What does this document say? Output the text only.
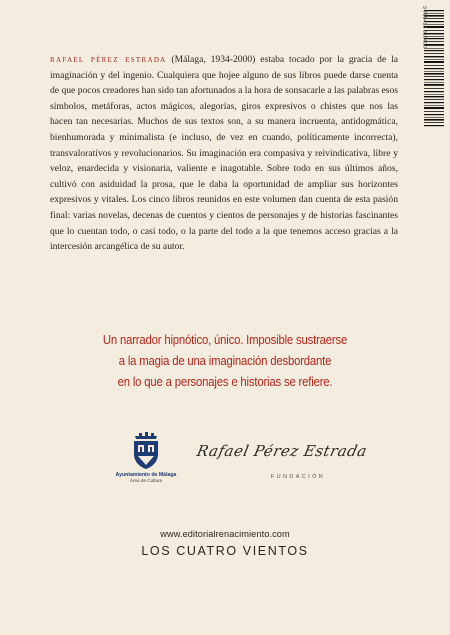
9 788418 818400

rafael pérez estrada (Málaga, 1934-2000) estaba tocado por la gracia de la imaginación y del ingenio. Cualquiera que hojee alguno de sus libros puede darse cuenta de que pocos creadores han sido tan afortunados a la hora de sonsacarle a las palabras esos símbolos, metáforas, actos mágicos, alegorías, giros expresivos o chistes que nos las hacen tan necesarias. Muchos de sus textos son, a su manera incruenta, antidogmática, bienhumorada y minimalista (e incluso, de vez en cuando, políticamente incorrecta), transvaloratívos y revolucionarios. Su imaginación era compasiva y reivindicativa, libre y veloz, enardecida y visionaria, valiente e inagotable. Sobre todo en sus últimos años, cultivó con asiduidad la prosa, que le daba la oportunidad de ampliar sus horizontes expresivos y vitales. Los cinco libros reunidos en este volumen dan cuenta de esta pasión final: varias novelas, decenas de cuentos y cientos de personajes y de historias fascinantes que lo cuentan todo, o casi todo, o la parte del todo a la que tenemos acceso gracias a la intercesión arcangélica de su autor.

Un narrador hipnótico, único. Imposible sustraerse
a la magia de una imaginación desbordante
en lo que a personajes e historias se refiere.
Ayuntamiento de Málaga
Área de Cultura
Rafael Pérez Estrada
FUNDACIÓN
www.editorialrenacimiento.com
LOS CUATRO VIENTOS
